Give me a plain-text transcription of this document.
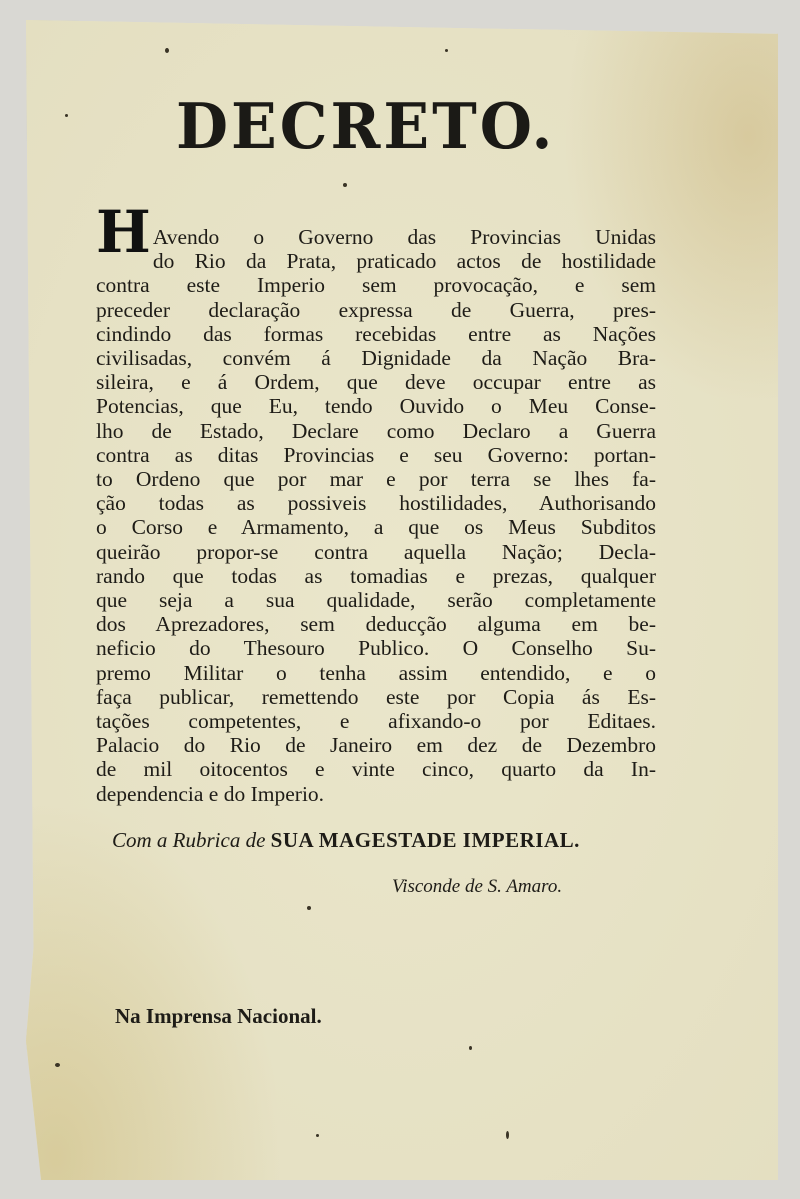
DECRETO.
H Avendo o Governo das Provincias Unidas
do Rio da Prata, praticado actos de hostilidade
contra este Imperio sem provocação, e sem
preceder declaração expressa de Guerra, pres-
cindindo das formas recebidas entre as Nações
civilisadas, convém á Dignidade da Nação Bra-
sileira, e á Ordem, que deve occupar entre as
Potencias, que Eu, tendo Ouvido o Meu Conse-
lho de Estado, Declare como Declaro a Guerra
contra as ditas Provincias e seu Governo: portan-
to Ordeno que por mar e por terra se lhes fa-
ção todas as possiveis hostilidades, Authorisando
o Corso e Armamento, a que os Meus Subditos
queirão propor-se contra aquella Nação; Decla-
rando que todas as tomadias e prezas, qualquer
que seja a sua qualidade, serão completamente
dos Aprezadores, sem deducção alguma em be-
neficio do Thesouro Publico. O Conselho Su-
premo Militar o tenha assim entendido, e o
faça publicar, remettendo este por Copia ás Es-
tações competentes, e afixando-o por Editaes.
Palacio do Rio de Janeiro em dez de Dezembro
de mil oitocentos e vinte cinco, quarto da In-
dependencia e do Imperio.
Com a Rubrica de SUA MAGESTADE IMPERIAL.
Visconde de S. Amaro.
Na Imprensa Nacional.
